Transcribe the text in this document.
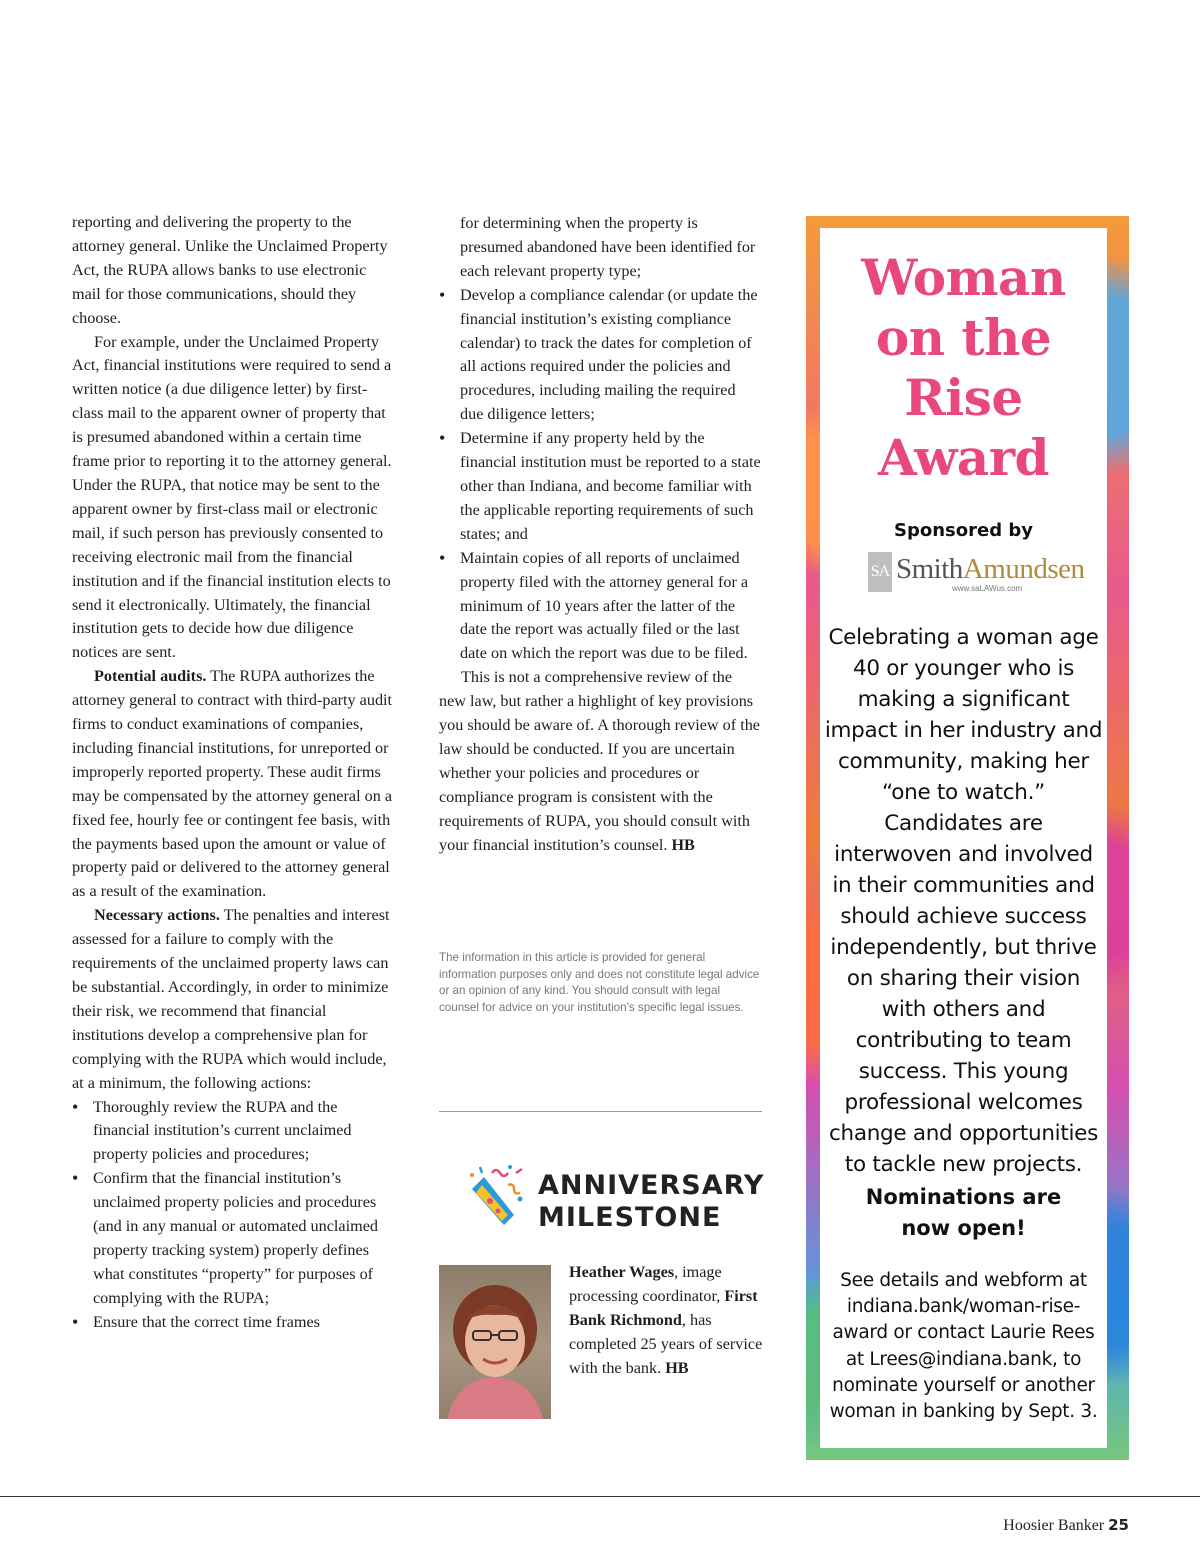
reporting and delivering the property to the attorney general. Unlike the Unclaimed Property Act, the RUPA allows banks to use electronic mail for those communications, should they choose.

For example, under the Unclaimed Property Act, financial institutions were required to send a written notice (a due diligence letter) by first-class mail to the apparent owner of property that is presumed abandoned within a certain time frame prior to reporting it to the attorney general. Under the RUPA, that notice may be sent to the apparent owner by first-class mail or electronic mail, if such person has previously consented to receiving electronic mail from the financial institution and if the financial institution elects to send it electronically. Ultimately, the financial institution gets to decide how due diligence notices are sent.

Potential audits. The RUPA authorizes the attorney general to contract with third-party audit firms to conduct examinations of companies, including financial institutions, for unreported or improperly reported property. These audit firms may be compensated by the attorney general on a fixed fee, hourly fee or contingent fee basis, with the payments based upon the amount or value of property paid or delivered to the attorney general as a result of the examination.

Necessary actions. The penalties and interest assessed for a failure to comply with the requirements of the unclaimed property laws can be substantial. Accordingly, in order to minimize their risk, we recommend that financial institutions develop a comprehensive plan for complying with the RUPA which would include, at a minimum, the following actions:

• Thoroughly review the RUPA and the financial institution’s current unclaimed property policies and procedures;

• Confirm that the financial institution’s unclaimed property policies and procedures (and in any manual or automated unclaimed property tracking system) properly defines what constitutes “property” for purposes of complying with the RUPA;

• Ensure that the correct time frames

for determining when the property is presumed abandoned have been identified for each relevant property type;

• Develop a compliance calendar (or update the financial institution’s existing compliance calendar) to track the dates for completion of all actions required under the policies and procedures, including mailing the required due diligence letters;

• Determine if any property held by the financial institution must be reported to a state other than Indiana, and become familiar with the applicable reporting requirements of such states; and

• Maintain copies of all reports of unclaimed property filed with the attorney general for a minimum of 10 years after the latter of the date the report was actually filed or the last date on which the report was due to be filed.

This is not a comprehensive review of the new law, but rather a highlight of key provisions you should be aware of. A thorough review of the law should be conducted. If you are uncertain whether your policies and procedures or compliance program is consistent with the requirements of RUPA, you should consult with your financial institution’s counsel. HB

The information in this article is provided for general information purposes only and does not constitute legal advice or an opinion of any kind. You should consult with legal counsel for advice on your institution’s specific legal issues.
ANNIVERSARY
MILESTONE
Heather Wages, image processing coordinator, First Bank Richmond, has completed 25 years of service with the bank. HB
Woman
on the
Rise
Award
Sponsored by
SA SmithAmundsen
www.saLAWus.com
Celebrating a woman age 40 or younger who is making a significant impact in her industry and community, making her “one to watch.” Candidates are interwoven and involved in their communities and should achieve success independently, but thrive on sharing their vision with others and contributing to team success. This young professional welcomes change and opportunities to tackle new projects.
Nominations are
now open!
See details and webform at indiana.bank/woman-rise-award or contact Laurie Rees at Lrees@indiana.bank, to nominate yourself or another woman in banking by Sept. 3.
Hoosier Banker 25
